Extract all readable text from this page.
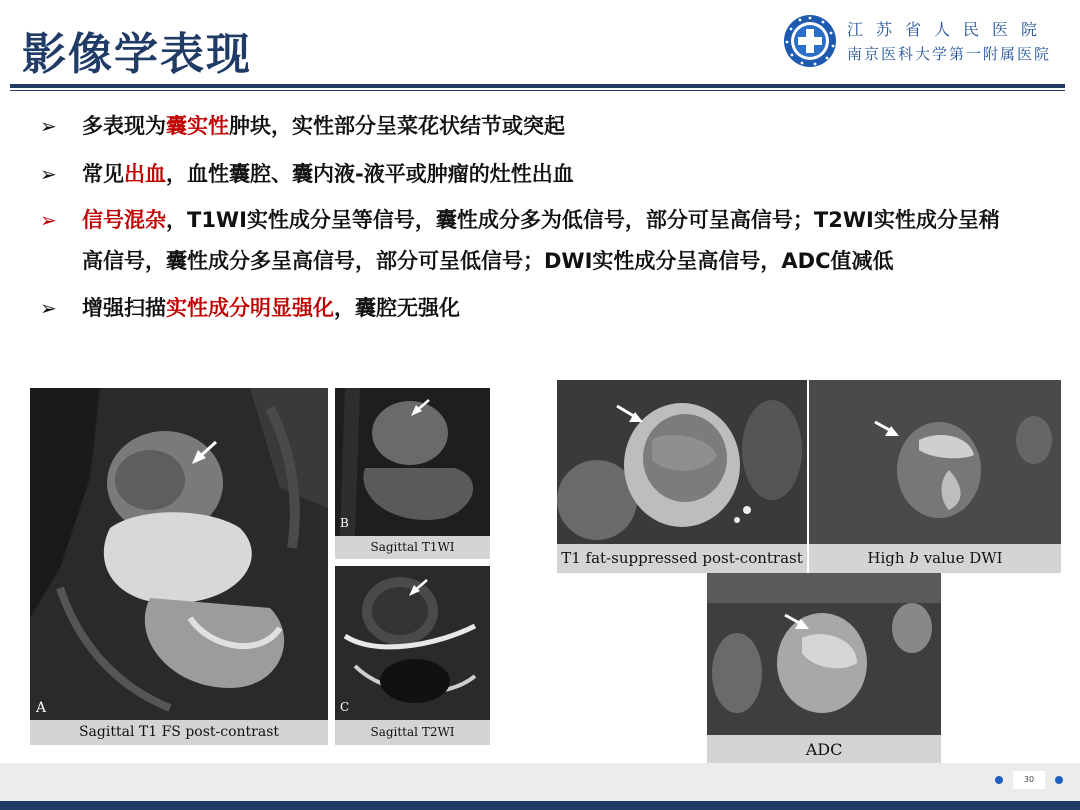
影像学表现	江苏省人民医院
南京医科大学第一附属医院
➢	多表现为囊实性肿块，实性部分呈菜花状结节或突起
➢	常见出血，血性囊腔、囊内液-液平或肿瘤的灶性出血
➢	信号混杂，T1WI实性成分呈等信号，囊性成分多为低信号，部分可呈高信号；T2WI实性成分呈稍高信号，囊性成分多呈高信号，部分可呈低信号；DWI实性成分呈高信号，ADC值减低
➢	增强扫描实性成分明显强化，囊腔无强化
A
Sagittal T1 FS post-contrast
B
Sagittal T1WI
C
Sagittal T2WI
T1 fat-suppressed post-contrast	High b value DWI
ADC
30
